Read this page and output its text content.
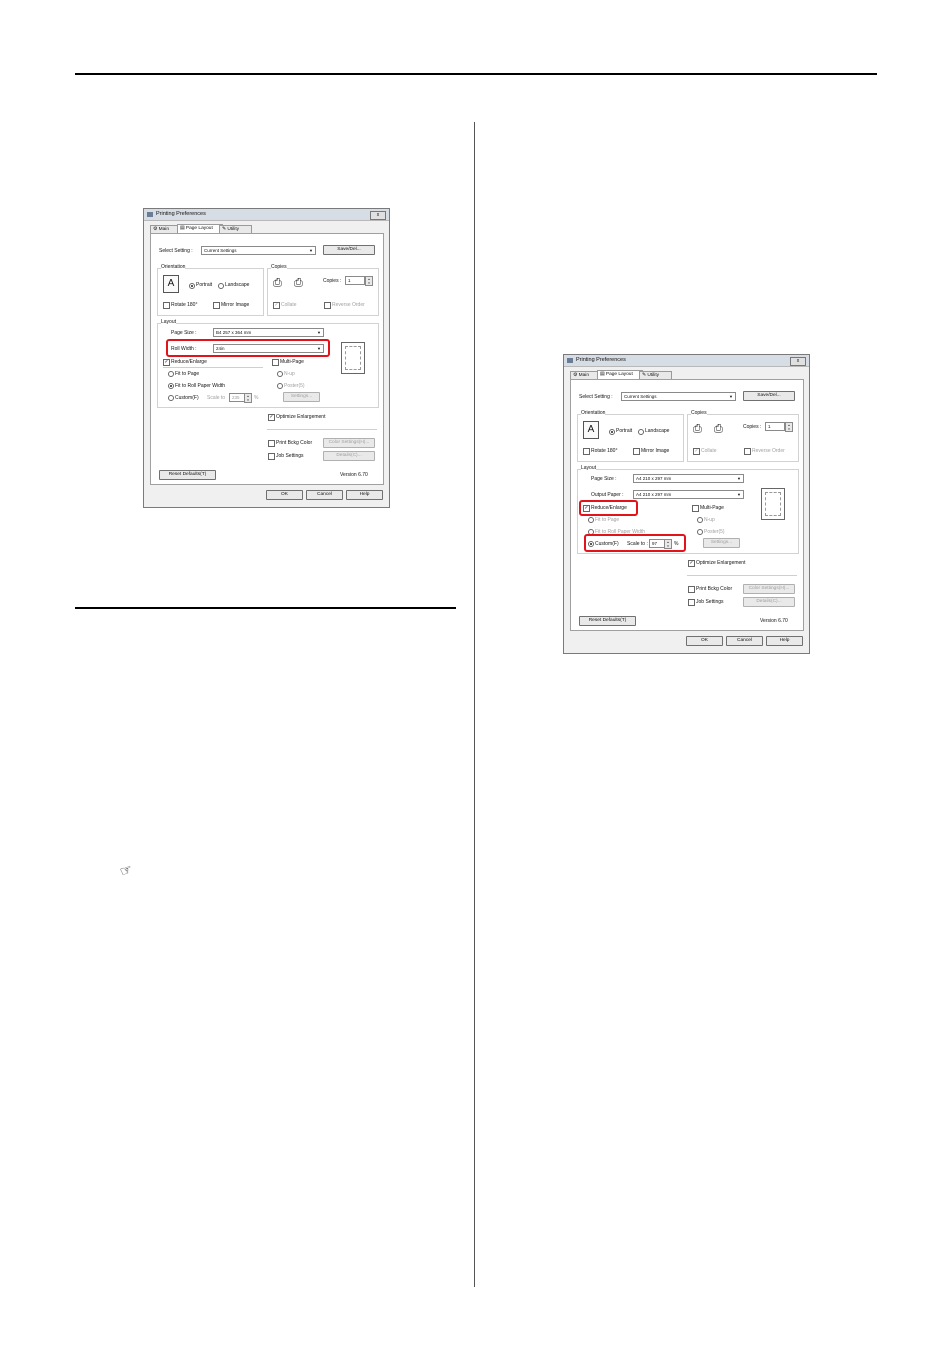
☞
Printing Preferences	x
⚙ Main	▤ Page Layout	✎ Utility
Select Setting :	Current Settings	▼	Save/Del...
Orientation
A	Portrait	Landscape
Rotate 180°	Mirror Image
Copies
⎙	⎙	Copies :	1	▴
▾
✓ Collate	Reverse Order
Layout
Page Size :	B4 257 x 364 mm	▼
Roll Width :	24in	▼
✓ Reduce/Enlarge
Fit to Page
Fit to Roll Paper Width
Custom(F) Scale to	235	▴
▾	%
Multi-Page
N-up
Poster(5)
Settings...
✓ Optimize Enlargement
Print Bckg Color	Color Settings(H)...
Job Settings	Details(C)...
Reset Defaults(T)	Version 6.70
OK	Cancel	Help
Printing Preferences	x
⚙ Main	▤ Page Layout	✎ Utility
Select Setting :	Current Settings	▼	Save/Del...
Orientation
A	Portrait	Landscape
Rotate 180°	Mirror Image
Copies
⎙	⎙	Copies :	1	▴
▾
✓ Collate	Reverse Order
Layout
Page Size :	A4 210 x 297 mm	▼
Output Paper :	A4 210 x 297 mm	▼
✓ Reduce/Enlarge
Fit to Page
Fit to Roll Paper Width
Custom(F) Scale to : 97	▴
▾	%
Multi-Page
N-up
Poster(5)
Settings...
✓ Optimize Enlargement
Print Bckg Color	Color Settings(H)...
Job Settings	Details(C)...
Reset Defaults(T)	Version 6.70
OK	Cancel	Help
